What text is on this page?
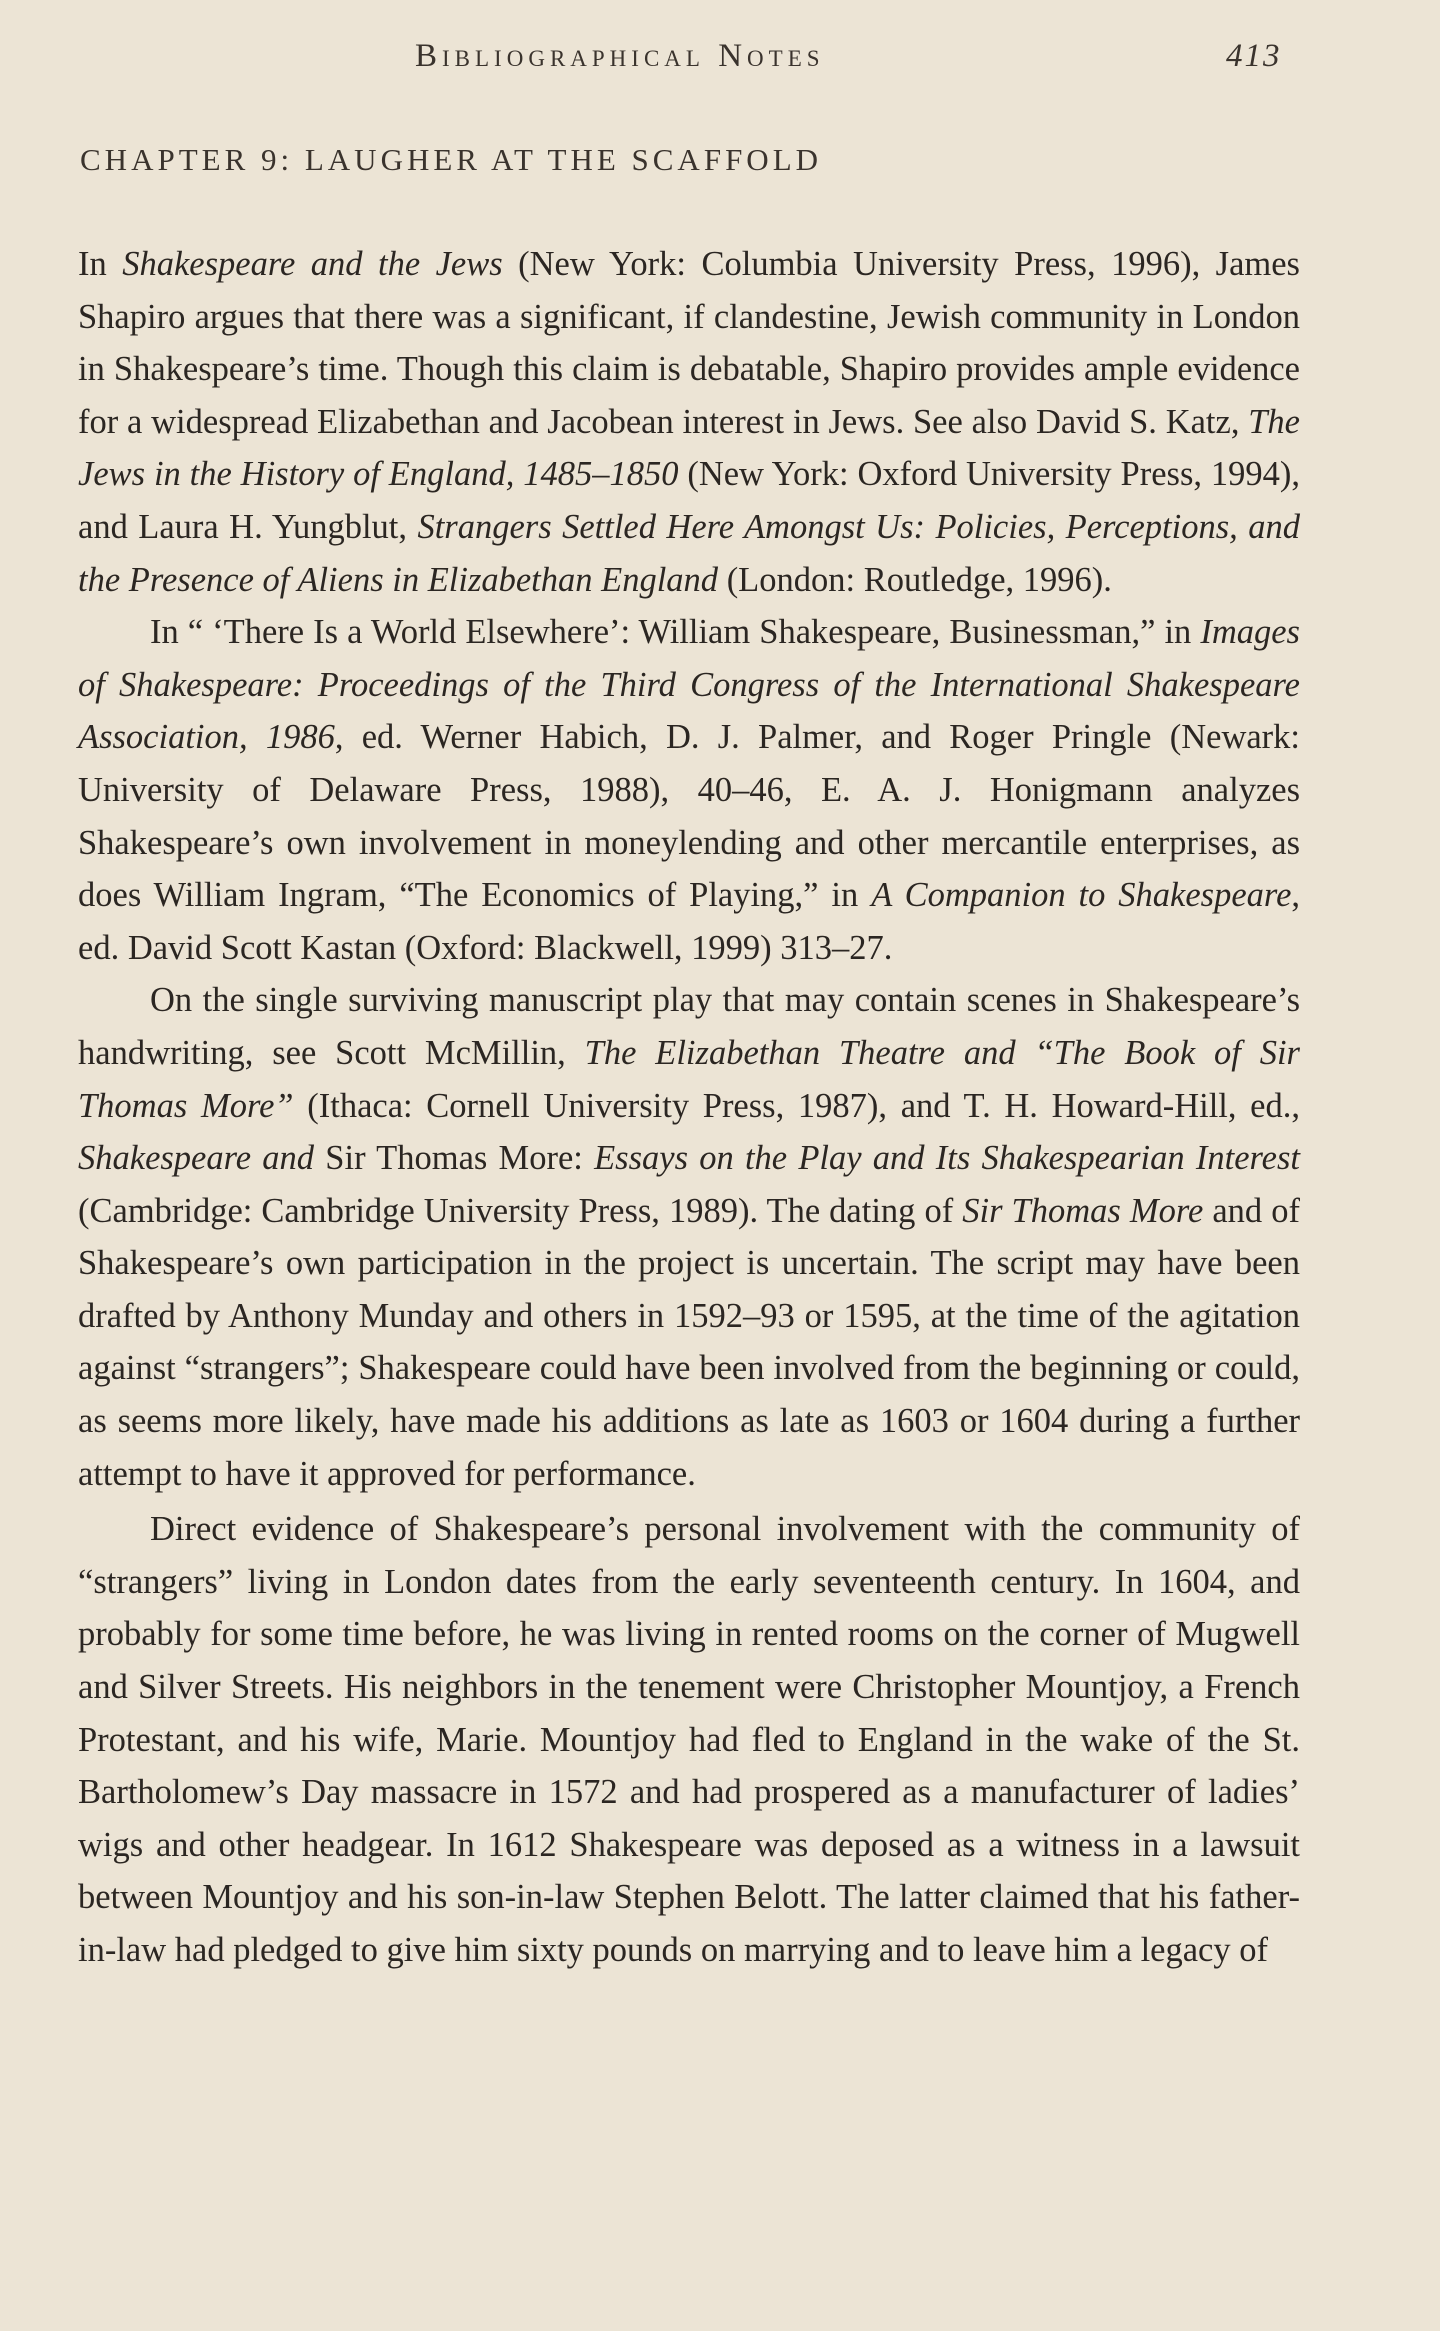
Bibliographical Notes	413
CHAPTER 9: LAUGHER AT THE SCAFFOLD

In Shakespeare and the Jews (New York: Columbia University Press, 1996), James Shapiro argues that there was a significant, if clandestine, Jewish community in London in Shakespeare’s time. Though this claim is debatable, Shapiro provides ample evidence for a widespread Elizabethan and Jacobean interest in Jews. See also David S. Katz, The Jews in the History of England, 1485–1850 (New York: Oxford University Press, 1994), and Laura H. Yungblut, Strangers Settled Here Amongst Us: Policies, Perceptions, and the Presence of Aliens in Elizabethan England (London: Routledge, 1996).

In “ ‘There Is a World Elsewhere’: William Shakespeare, Businessman,” in Images of Shakespeare: Proceedings of the Third Congress of the International Shakespeare Association, 1986, ed. Werner Habich, D. J. Palmer, and Roger Pringle (Newark: University of Delaware Press, 1988), 40–46, E. A. J. Honigmann analyzes Shakespeare’s own involvement in moneylending and other mercantile enterprises, as does William Ingram, “The Economics of Playing,” in A Companion to Shakespeare, ed. David Scott Kastan (Oxford: Blackwell, 1999) 313–27.

On the single surviving manuscript play that may contain scenes in Shakespeare’s handwriting, see Scott McMillin, The Elizabethan Theatre and “The Book of Sir Thomas More” (Ithaca: Cornell University Press, 1987), and T. H. Howard-Hill, ed., Shakespeare and Sir Thomas More: Essays on the Play and Its Shakespearian Interest (Cambridge: Cambridge University Press, 1989). The dating of Sir Thomas More and of Shakespeare’s own participation in the project is uncertain. The script may have been drafted by Anthony Munday and others in 1592–93 or 1595, at the time of the agitation against “strangers”; Shakespeare could have been involved from the beginning or could, as seems more likely, have made his additions as late as 1603 or 1604 during a further attempt to have it approved for performance.

Direct evidence of Shakespeare’s personal involvement with the community of “strangers” living in London dates from the early seventeenth century. In 1604, and probably for some time before, he was living in rented rooms on the corner of Mugwell and Silver Streets. His neighbors in the tenement were Christopher Mountjoy, a French Protestant, and his wife, Marie. Mountjoy had fled to England in the wake of the St. Bartholomew’s Day massacre in 1572 and had prospered as a manufacturer of ladies’ wigs and other headgear. In 1612 Shakespeare was deposed as a witness in a lawsuit between Mountjoy and his son-in-law Stephen Belott. The latter claimed that his father-in-law had pledged to give him sixty pounds on marrying and to leave him a legacy of
